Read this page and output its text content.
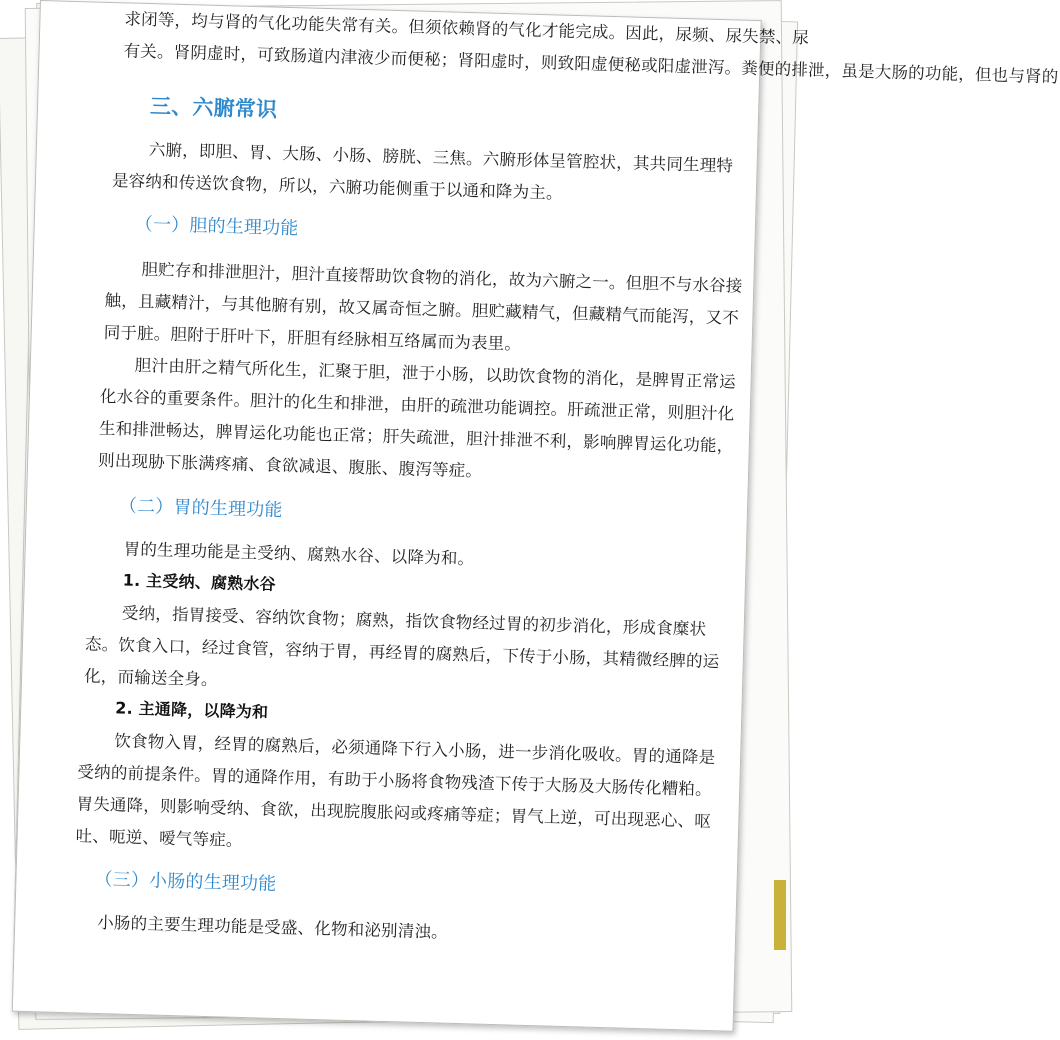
求闭等，均与肾的气化功能失常有关。但须依赖肾的气化才能完成。因此，尿频、尿失禁、尿
有关。肾阴虚时，可致肠道内津液少而便秘；肾阳虚时，则致阳虚便秘或阳虚泄泻。粪便的排泄，虽是大肠的功能，但也与肾的
三、六腑常识
六腑，即胆、胃、大肠、小肠、膀胱、三焦。六腑形体呈管腔状，其共同生理特
是容纳和传送饮食物，所以，六腑功能侧重于以通和降为主。
（一）胆的生理功能
胆贮存和排泄胆汁，胆汁直接帮助饮食物的消化，故为六腑之一。但胆不与水谷接
触，且藏精汁，与其他腑有别，故又属奇恒之腑。胆贮藏精气，但藏精气而能泻，又不
同于脏。胆附于肝叶下，肝胆有经脉相互络属而为表里。
胆汁由肝之精气所化生，汇聚于胆，泄于小肠，以助饮食物的消化，是脾胃正常运
化水谷的重要条件。胆汁的化生和排泄，由肝的疏泄功能调控。肝疏泄正常，则胆汁化
生和排泄畅达，脾胃运化功能也正常；肝失疏泄，胆汁排泄不利，影响脾胃运化功能，
则出现胁下胀满疼痛、食欲减退、腹胀、腹泻等症。
（二）胃的生理功能
胃的生理功能是主受纳、腐熟水谷、以降为和。
1. 主受纳、腐熟水谷
受纳，指胃接受、容纳饮食物；腐熟，指饮食物经过胃的初步消化，形成食糜状
态。饮食入口，经过食管，容纳于胃，再经胃的腐熟后，下传于小肠，其精微经脾的运
化，而输送全身。
2. 主通降，以降为和
饮食物入胃，经胃的腐熟后，必须通降下行入小肠，进一步消化吸收。胃的通降是
受纳的前提条件。胃的通降作用，有助于小肠将食物残渣下传于大肠及大肠传化糟粕。
胃失通降，则影响受纳、食欲，出现脘腹胀闷或疼痛等症；胃气上逆，可出现恶心、呕
吐、呃逆、嗳气等症。
（三）小肠的生理功能
小肠的主要生理功能是受盛、化物和泌别清浊。
